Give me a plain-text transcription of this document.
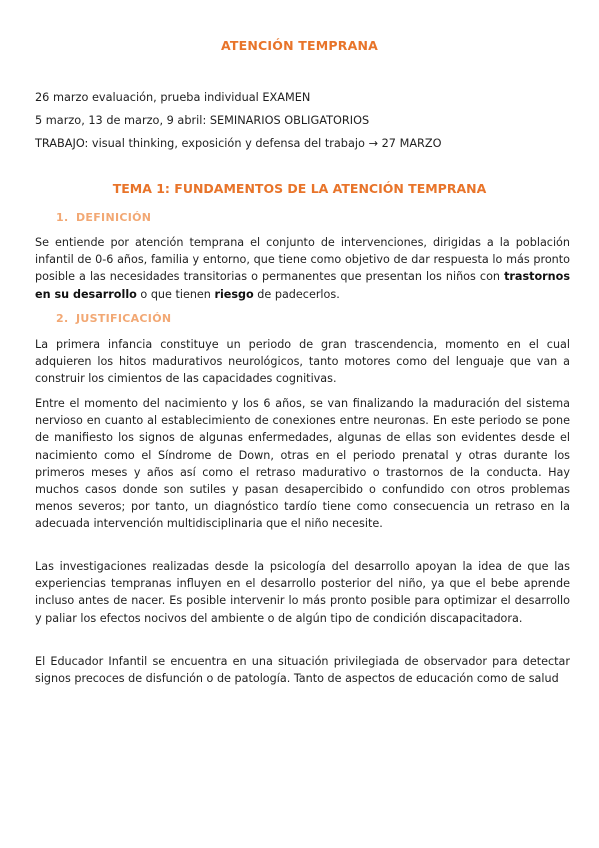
ATENCIÓN TEMPRANA
26 marzo evaluación, prueba individual EXAMEN
5 marzo, 13 de marzo, 9 abril: SEMINARIOS OBLIGATORIOS
TRABAJO: visual thinking, exposición y defensa del trabajo → 27 MARZO
TEMA 1: FUNDAMENTOS DE LA ATENCIÓN TEMPRANA
1. DEFINICIÓN
Se entiende por atención temprana el conjunto de intervenciones, dirigidas a la población infantil de 0-6 años, familia y entorno, que tiene como objetivo de dar respuesta lo más pronto posible a las necesidades transitorias o permanentes que presentan los niños con trastornos en su desarrollo o que tienen riesgo de padecerlos.
2. JUSTIFICACIÓN
La primera infancia constituye un periodo de gran trascendencia, momento en el cual adquieren los hitos madurativos neurológicos, tanto motores como del lenguaje que van a construir los cimientos de las capacidades cognitivas.
Entre el momento del nacimiento y los 6 años, se van finalizando la maduración del sistema nervioso en cuanto al establecimiento de conexiones entre neuronas. En este periodo se pone de manifiesto los signos de algunas enfermedades, algunas de ellas son evidentes desde el nacimiento como el Síndrome de Down, otras en el periodo prenatal y otras durante los primeros meses y años así como el retraso madurativo o trastornos de la conducta. Hay muchos casos donde son sutiles y pasan desapercibido o confundido con otros problemas menos severos; por tanto, un diagnóstico tardío tiene como consecuencia un retraso en la adecuada intervención multidisciplinaria que el niño necesite.
Las investigaciones realizadas desde la psicología del desarrollo apoyan la idea de que las experiencias tempranas influyen en el desarrollo posterior del niño, ya que el bebe aprende incluso antes de nacer. Es posible intervenir lo más pronto posible para optimizar el desarrollo y paliar los efectos nocivos del ambiente o de algún tipo de condición discapacitadora.
El Educador Infantil se encuentra en una situación privilegiada de observador para detectar signos precoces de disfunción o de patología. Tanto de aspectos de educación como de salud
